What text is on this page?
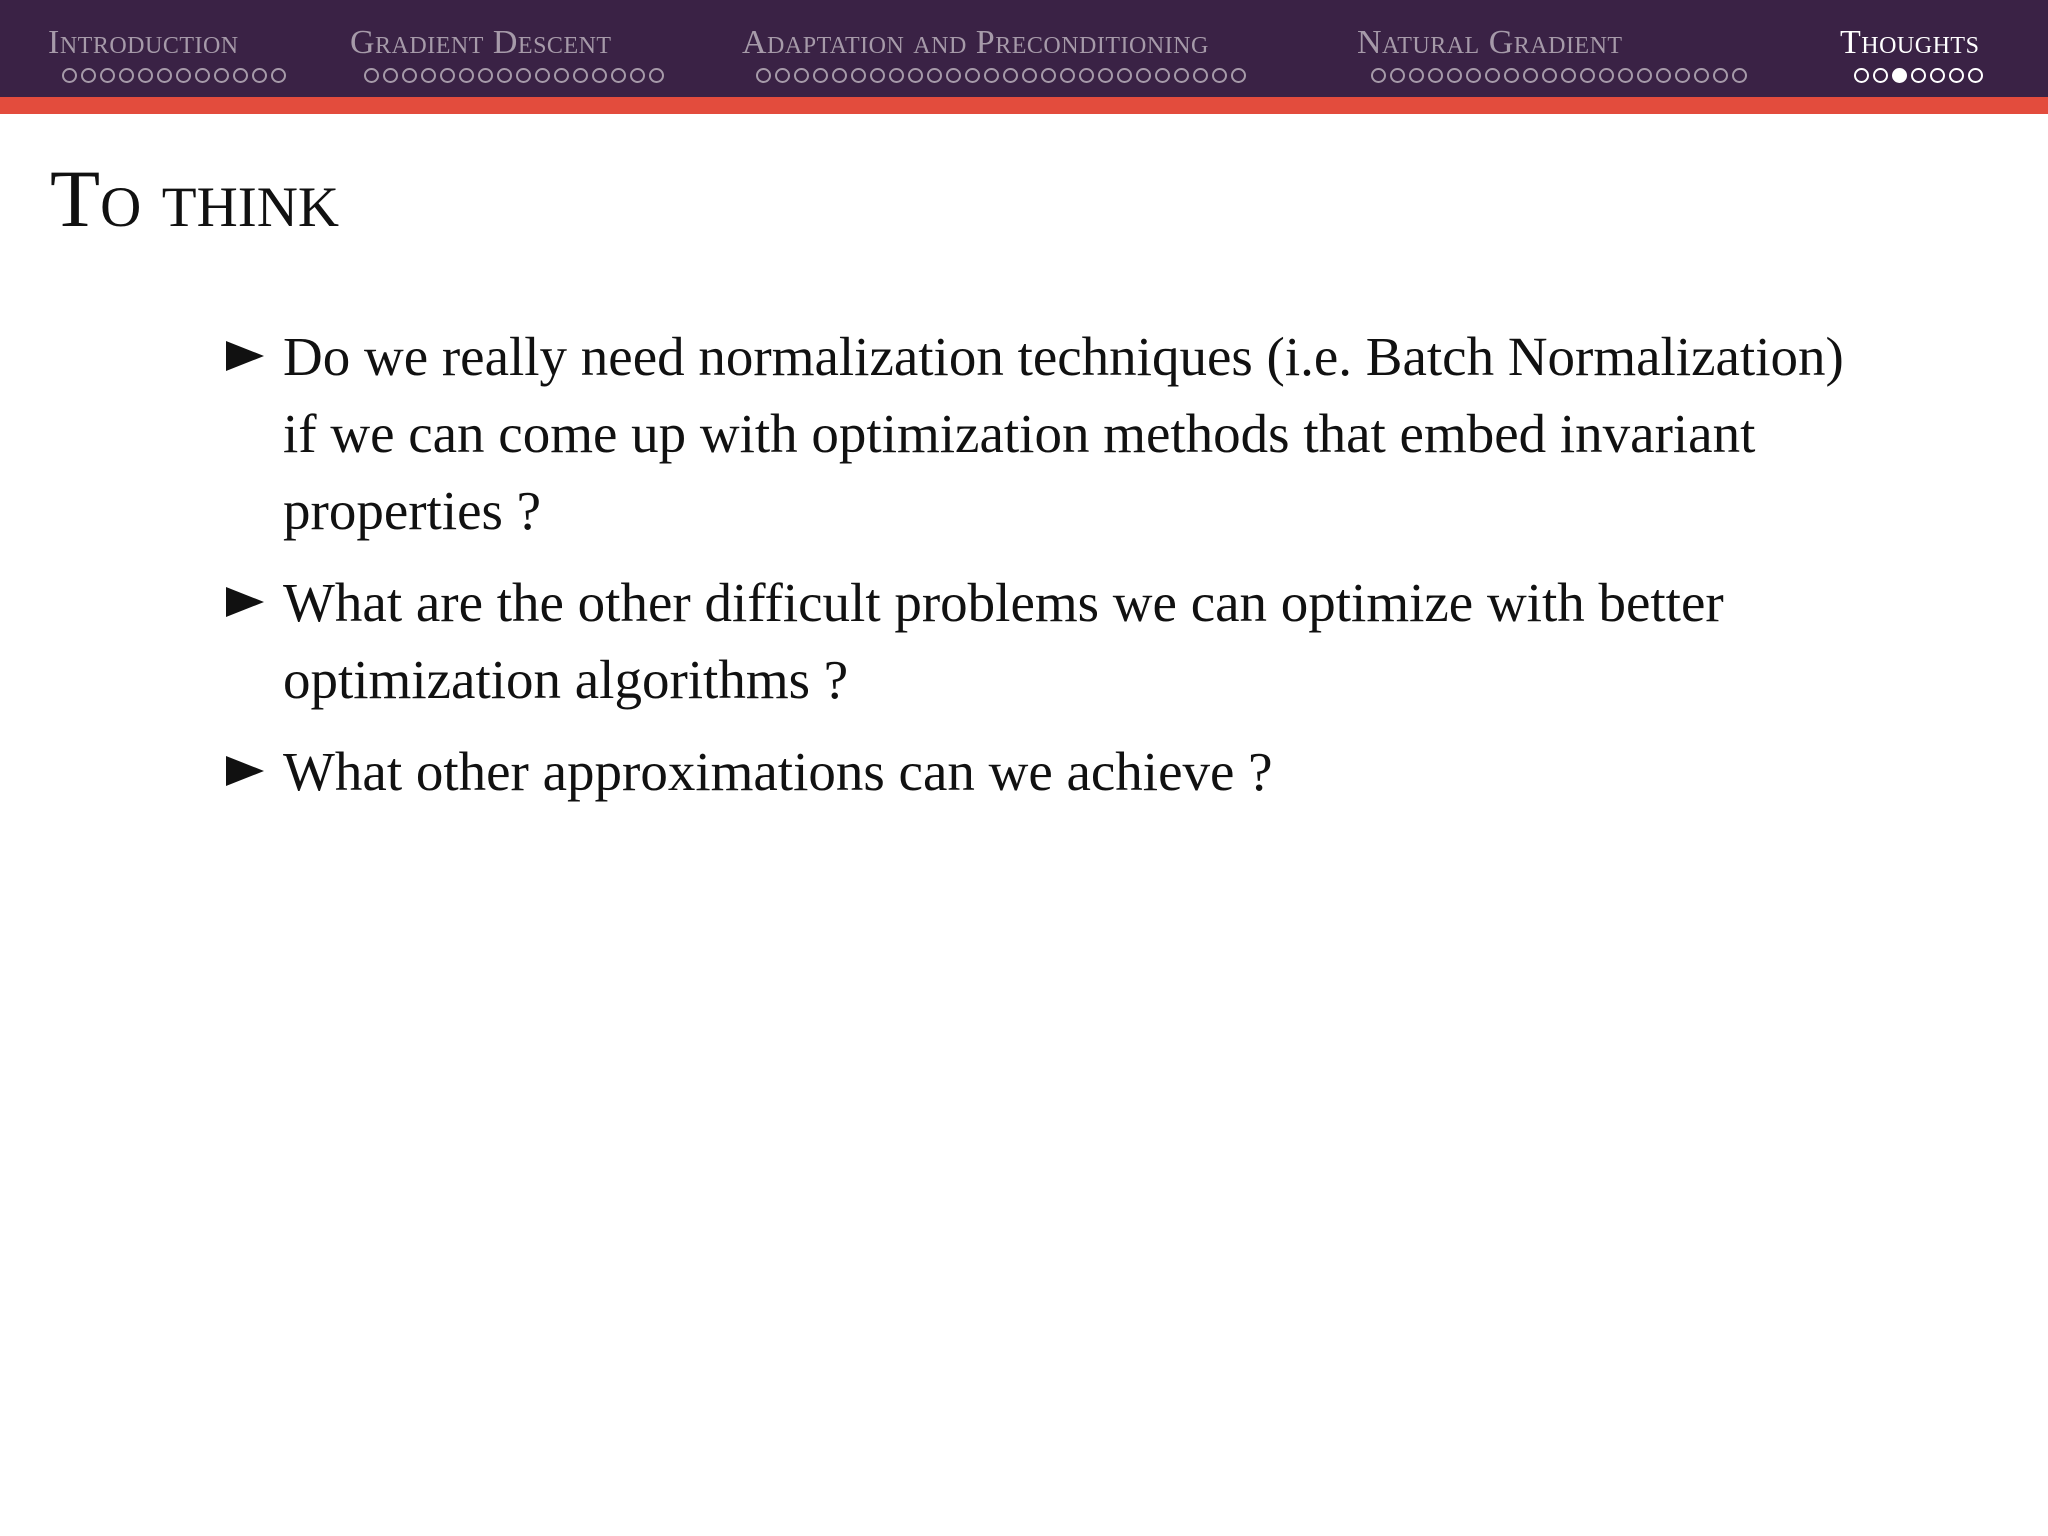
Introduction	Gradient Descent	Adaptation and Preconditioning	Natural Gradient	Thoughts
To think
Do we really need normalization techniques (i.e. Batch Normalization) if we can come up with optimization methods that embed invariant properties ?
What are the other difficult problems we can optimize with better optimization algorithms ?
What other approximations can we achieve ?
